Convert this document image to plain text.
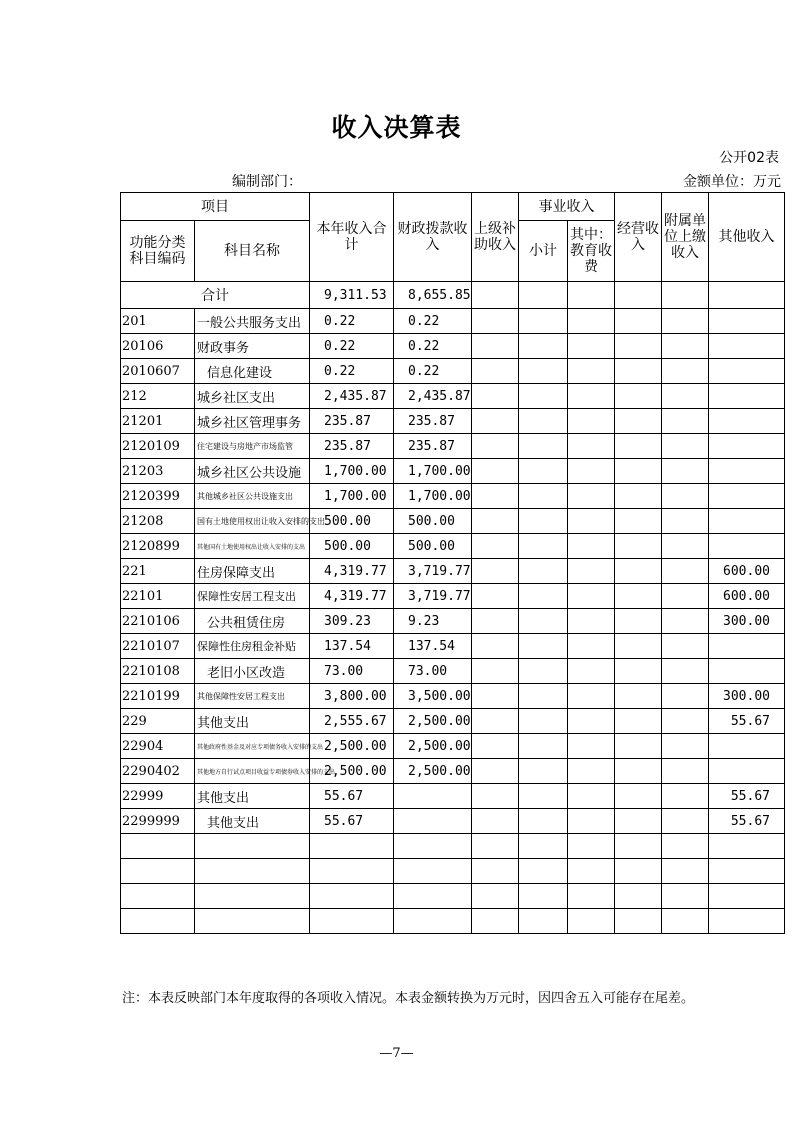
收入决算表
公开02表
编制部门：	金额单位：万元
项目		本年收入合计	财政拨款收入	上级补助收入	事业收入		经营收入	附属单位上缴收入	其他收入
功能分类科目编码	科目名称				小计	其中：教育收费			
合计		9,311.53	8,655.85						
201	一般公共服务支出	0.22	0.22						
20106	财政事务	0.22	0.22						
2010607	信息化建设	0.22	0.22						
212	城乡社区支出	2,435.87	2,435.87						
21201	城乡社区管理事务	235.87	235.87						
2120109	住宅建设与房地产市场监管	235.87	235.87						
21203	城乡社区公共设施	1,700.00	1,700.00						
2120399	其他城乡社区公共设施支出	1,700.00	1,700.00						
21208	国有土地使用权出让收入安排的支出	500.00	500.00						
2120899	其他国有土地使用权出让收入安排的支出	500.00	500.00						
221	住房保障支出	4,319.77	3,719.77						600.00
22101	保障性安居工程支出	4,319.77	3,719.77						600.00
2210106	公共租赁住房	309.23	9.23						300.00
2210107	保障性住房租金补贴	137.54	137.54						
2210108	老旧小区改造	73.00	73.00						
2210199	其他保障性安居工程支出	3,800.00	3,500.00						300.00
229	其他支出	2,555.67	2,500.00						55.67
22904	其他政府性基金及对应专项债务收入安排的支出	2,500.00	2,500.00						
2290402	其他地方自行试点项目收益专项债券收入安排的支出	2,500.00	2,500.00						
22999	其他支出	55.67							55.67
2299999	其他支出	55.67							55.67

注：本表反映部门本年度取得的各项收入情况。本表金额转换为万元时，因四舍五入可能存在尾差。
—7—
